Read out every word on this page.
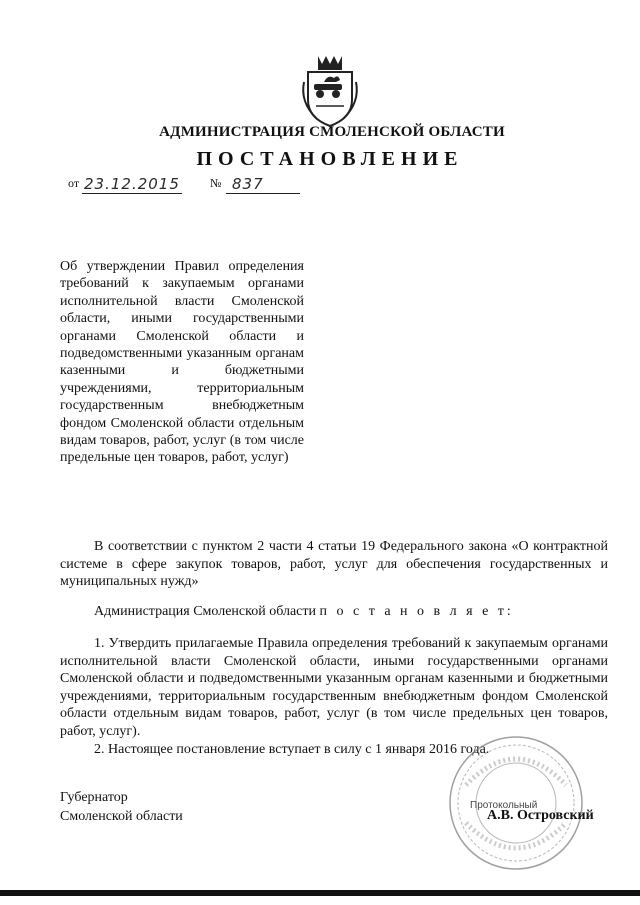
АДМИНИСТРАЦИЯ СМОЛЕНСКОЙ ОБЛАСТИ
ПОСТАНОВЛЕНИЕ
от 23.12.2015	№ 837
Об утверждении Правил определения требований к закупаемым органами исполнительной власти Смоленской области, иными государственными органами Смоленской области и подведомственными указанным органам казенными и бюджетными учреждениями, территориальным государственным внебюджетным фондом Смоленской области отдельным видам товаров, работ, услуг (в том числе предельные цен товаров, работ, услуг)
В соответствии с пунктом 2 части 4 статьи 19 Федерального закона «О контрактной системе в сфере закупок товаров, работ, услуг для обеспечения государственных и муниципальных нужд»
Администрация Смоленской области п о с т а н о в л я е т:
1. Утвердить прилагаемые Правила определения требований к закупаемым органами исполнительной власти Смоленской области, иными государственными органами Смоленской области и подведомственными указанным органам казенными и бюджетными учреждениями, территориальным государственным внебюджетным фондом Смоленской области отдельным видам товаров, работ, услуг (в том числе предельных цен товаров, работ, услуг).
2. Настоящее постановление вступает в силу с 1 января 2016 года.
Протокольный
Губернатор
Смоленской области	А.В. Островский
